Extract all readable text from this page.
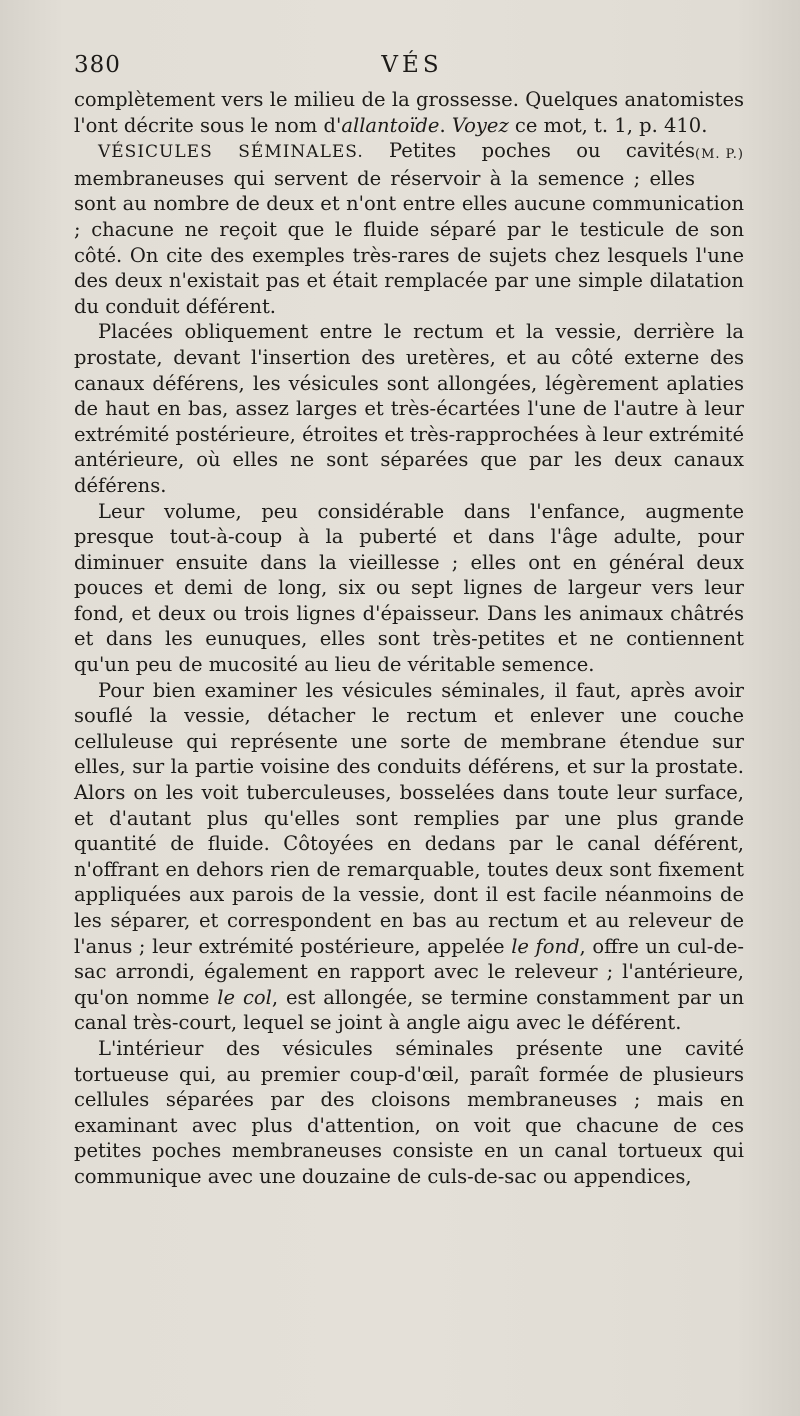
380	VÉS

complètement vers le milieu de la grossesse. Quelques anatomistes l'ont décrite sous le nom d'allantoïde. Voyez ce mot, t. 1, p. 410.
(M. P.)

VÉSICULES SÉMINALES. Petites poches ou cavités membraneuses qui servent de réservoir à la semence ; elles sont au nombre de deux et n'ont entre elles aucune communication ; chacune ne reçoit que le fluide séparé par le testicule de son côté. On cite des exemples très-rares de sujets chez lesquels l'une des deux n'existait pas et était remplacée par une simple dilatation du conduit déférent.

Placées obliquement entre le rectum et la vessie, derrière la prostate, devant l'insertion des uretères, et au côté externe des canaux déférens, les vésicules sont allongées, légèrement aplaties de haut en bas, assez larges et très-écartées l'une de l'autre à leur extrémité postérieure, étroites et très-rapprochées à leur extrémité antérieure, où elles ne sont séparées que par les deux canaux déférens.

Leur volume, peu considérable dans l'enfance, augmente presque tout-à-coup à la puberté et dans l'âge adulte, pour diminuer ensuite dans la vieillesse ; elles ont en général deux pouces et demi de long, six ou sept lignes de largeur vers leur fond, et deux ou trois lignes d'épaisseur. Dans les animaux châtrés et dans les eunuques, elles sont très-petites et ne contiennent qu'un peu de mucosité au lieu de véritable semence.

Pour bien examiner les vésicules séminales, il faut, après avoir souflé la vessie, détacher le rectum et enlever une couche celluleuse qui représente une sorte de membrane étendue sur elles, sur la partie voisine des conduits déférens, et sur la prostate. Alors on les voit tuberculeuses, bosselées dans toute leur surface, et d'autant plus qu'elles sont remplies par une plus grande quantité de fluide. Côtoyées en dedans par le canal déférent, n'offrant en dehors rien de remarquable, toutes deux sont fixement appliquées aux parois de la vessie, dont il est facile néanmoins de les séparer, et correspondent en bas au rectum et au releveur de l'anus ; leur extrémité postérieure, appelée le fond, offre un cul-de-sac arrondi, également en rapport avec le releveur ; l'antérieure, qu'on nomme le col, est allongée, se termine constamment par un canal très-court, lequel se joint à angle aigu avec le déférent.

L'intérieur des vésicules séminales présente une cavité tortueuse qui, au premier coup-d'œil, paraît formée de plusieurs cellules séparées par des cloisons membraneuses ; mais en examinant avec plus d'attention, on voit que chacune de ces petites poches membraneuses consiste en un canal tortueux qui communique avec une douzaine de culs-de-sac ou appendices,
